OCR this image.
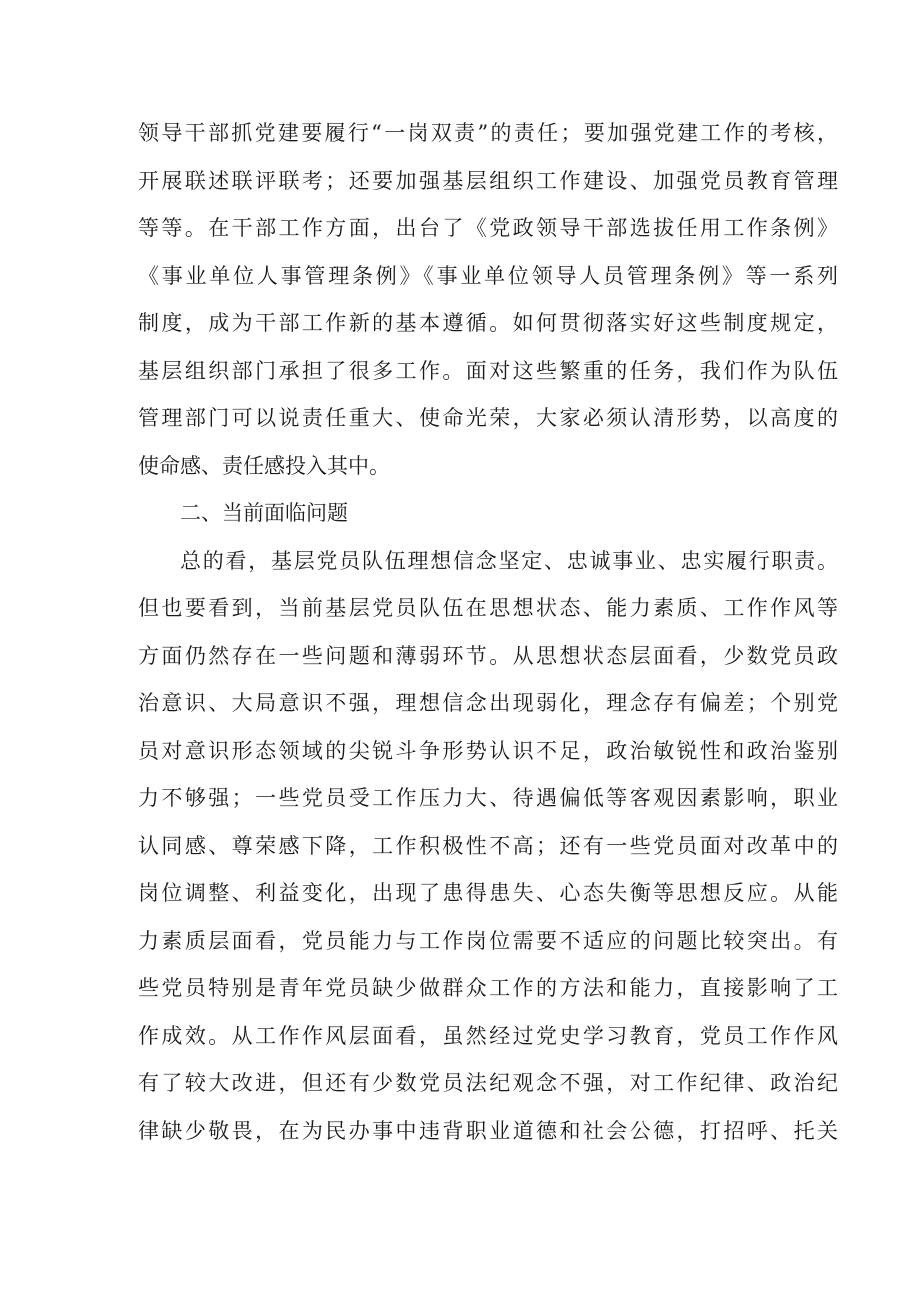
领导干部抓党建要履行“一岗双责”的责任；要加强党建工作的考核，
开展联述联评联考；还要加强基层组织工作建设、加强党员教育管理
等等。在干部工作方面，出台了《党政领导干部选拔任用工作条例》
《事业单位人事管理条例》《事业单位领导人员管理条例》等一系列
制度，成为干部工作新的基本遵循。如何贯彻落实好这些制度规定，
基层组织部门承担了很多工作。面对这些繁重的任务，我们作为队伍
管理部门可以说责任重大、使命光荣，大家必须认清形势，以高度的
使命感、责任感投入其中。
二、当前面临问题
总的看，基层党员队伍理想信念坚定、忠诚事业、忠实履行职责。
但也要看到，当前基层党员队伍在思想状态、能力素质、工作作风等
方面仍然存在一些问题和薄弱环节。从思想状态层面看，少数党员政
治意识、大局意识不强，理想信念出现弱化，理念存有偏差；个别党
员对意识形态领域的尖锐斗争形势认识不足，政治敏锐性和政治鉴别
力不够强；一些党员受工作压力大、待遇偏低等客观因素影响，职业
认同感、尊荣感下降，工作积极性不高；还有一些党员面对改革中的
岗位调整、利益变化，出现了患得患失、心态失衡等思想反应。从能
力素质层面看，党员能力与工作岗位需要不适应的问题比较突出。有
些党员特别是青年党员缺少做群众工作的方法和能力，直接影响了工
作成效。从工作作风层面看，虽然经过党史学习教育，党员工作作风
有了较大改进，但还有少数党员法纪观念不强，对工作纪律、政治纪
律缺少敬畏，在为民办事中违背职业道德和社会公德，打招呼、托关
